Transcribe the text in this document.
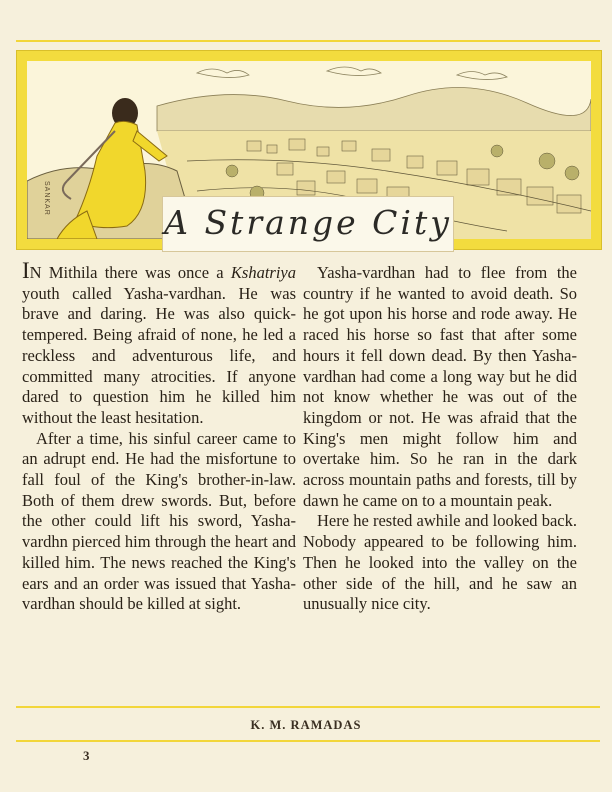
SANKAR
A Strange City

IN Mithila there was once a Kshatriya youth called Yasha-vardhan. He was brave and daring. He was also quick-tempered. Being afraid of none, he led a reckless and adventurous life, and committed many atrocities. If anyone dared to question him he killed him without the least hesitation.

After a time, his sinful career came to an adrupt end. He had the misfortune to fall foul of the King's brother-in-law. Both of them drew swords. But, before the other could lift his sword, Yasha-vardhn pierced him through the heart and killed him. The news reached the King's ears and an order was issued that Yasha-vardhan should be killed at sight.

Yasha-vardhan had to flee from the country if he wanted to avoid death. So he got upon his horse and rode away. He raced his horse so fast that after some hours it fell down dead. By then Yasha-vardhan had come a long way but he did not know whether he was out of the kingdom or not. He was afraid that the King's men might follow him and overtake him. So he ran in the dark across mountain paths and forests, till by dawn he came on to a mountain peak.

Here he rested awhile and looked back. Nobody appeared to be following him. Then he looked into the valley on the other side of the hill, and he saw an unusually nice city.

K. M. RAMADAS
3
